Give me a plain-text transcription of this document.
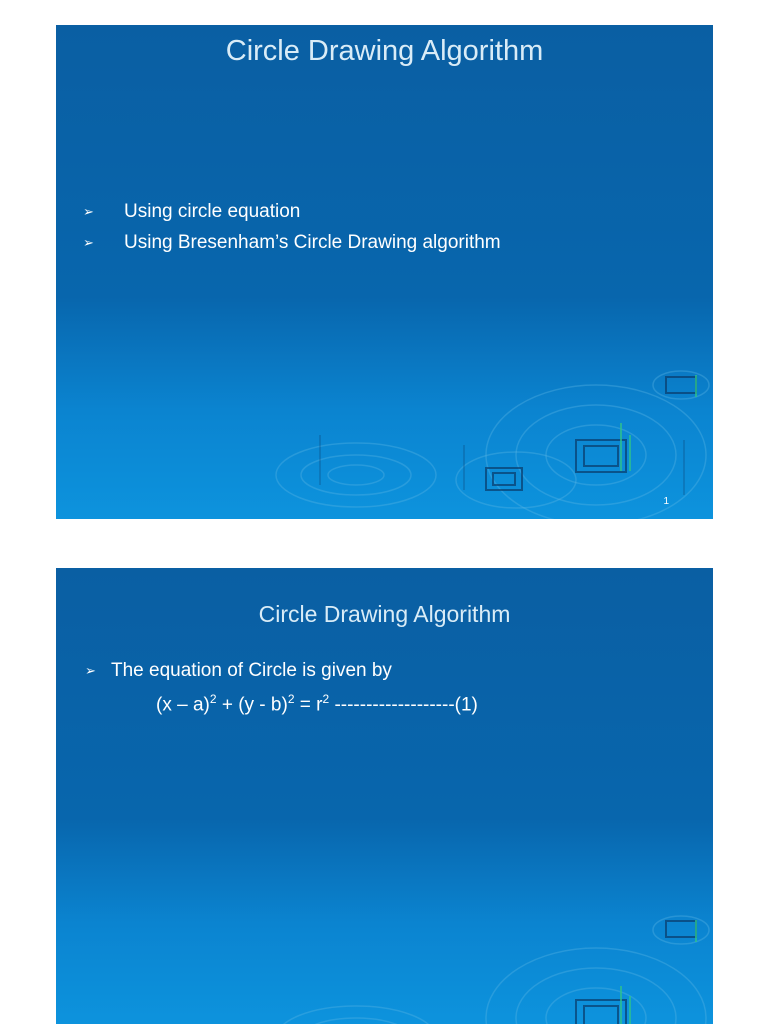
Circle Drawing Algorithm
➢ Using circle equation
➢ Using Bresenham’s Circle Drawing algorithm
1
Circle Drawing Algorithm
➢ The equation of Circle is given by
$(x - a)^2 + (y - b)^2 = r^2$ -------------------(1)
